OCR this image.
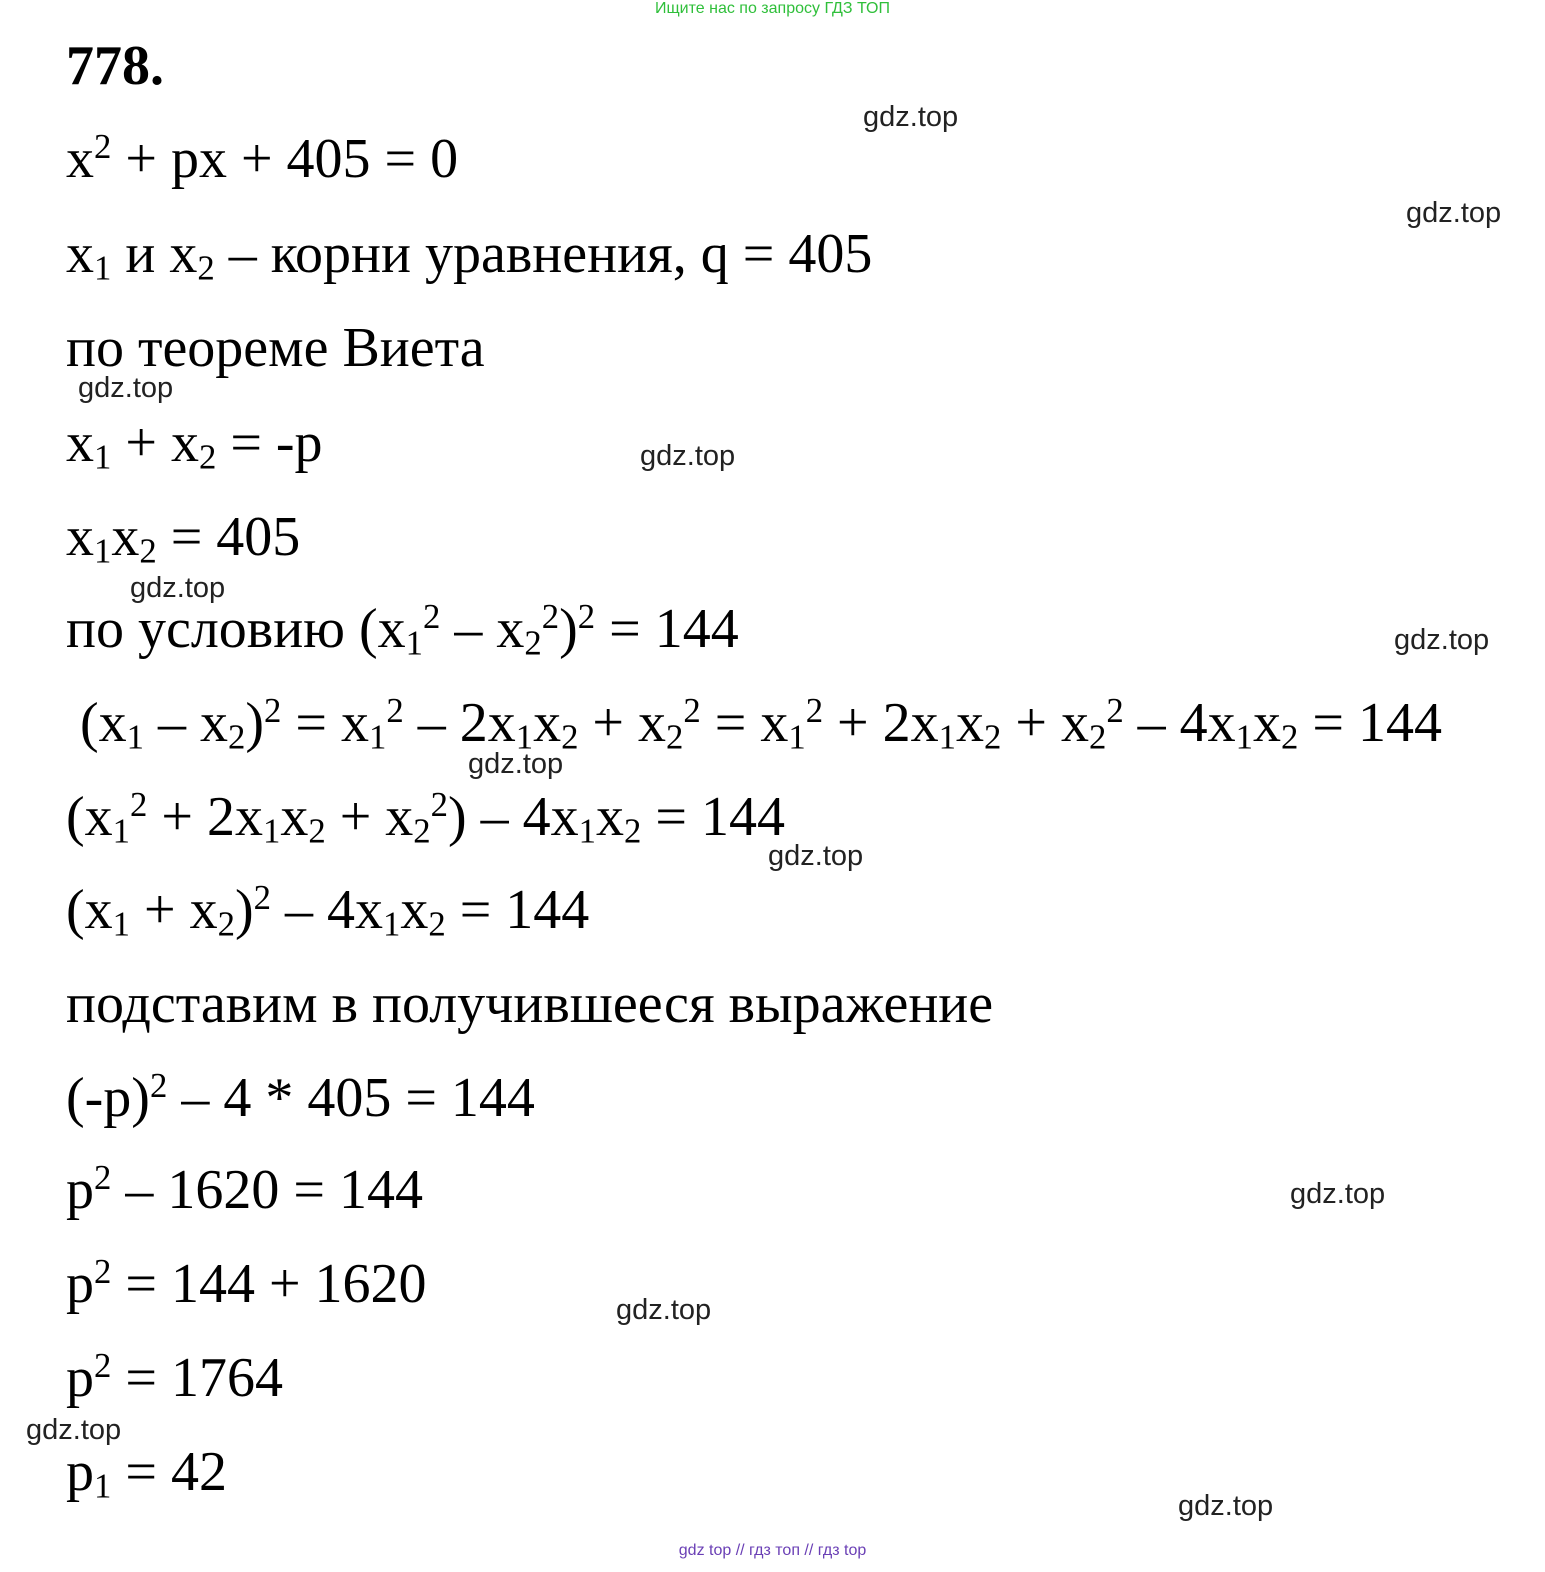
Ищите нас по запросу ГДЗ ТОП
778.
$x^2$ + px + 405 = 0
$x_1$ и $x_2$ – корни уравнения, q = 405
по теореме Виета
$x_1 + x_2 = -p$
$x_1x_2 = 405$
по условию $(x_1^2 - x_2^2)^2 = 144$
$(x_1 - x_2)^2 = x_1^2 - 2x_1x_2 + x_2^2 = x_1^2 + 2x_1x_2 + x_2^2 - 4x_1x_2 = 144$
$(x_1^2 + 2x_1x_2 + x_2^2) - 4x_1x_2 = 144$
$(x_1 + x_2)^2 - 4x_1x_2 = 144$
подставим в получившееся выражение
$(-p)^2 - 4 * 405 = 144$
$p^2 - 1620 = 144$
$p^2 = 144 + 1620$
$p^2 = 1764$
$p_1 = 42$
gdz.top
gdz.top
gdz.top
gdz.top
gdz.top
gdz.top
gdz.top
gdz.top
gdz.top
gdz.top
gdz.top
gdz.top
gdz top // гдз топ // гдз top
